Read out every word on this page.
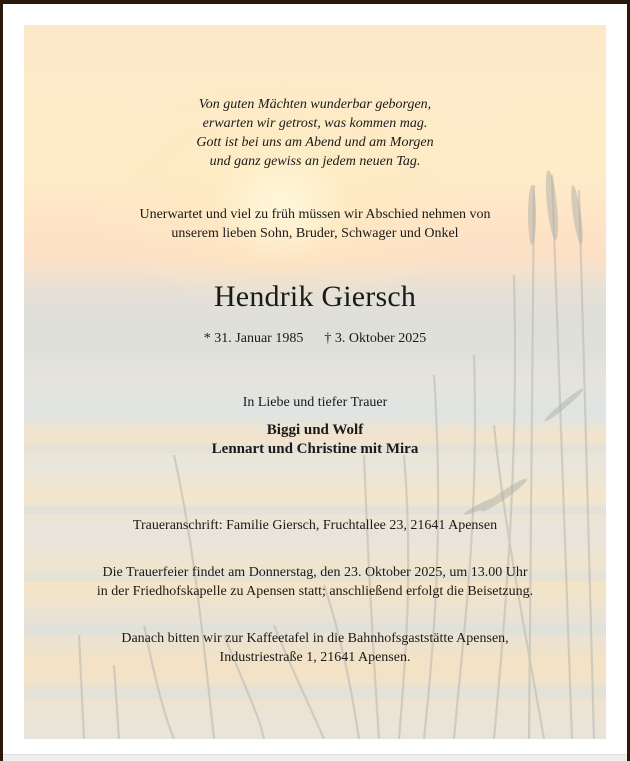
Von guten Mächten wunderbar geborgen,
erwarten wir getrost, was kommen mag.
Gott ist bei uns am Abend und am Morgen
und ganz gewiss an jedem neuen Tag.
Unerwartet und viel zu früh müssen wir Abschied nehmen von
unserem lieben Sohn, Bruder, Schwager und Onkel
Hendrik Giersch
* 31. Januar 1985 † 3. Oktober 2025
In Liebe und tiefer Trauer
Biggi und Wolf
Lennart und Christine mit Mira
Traueranschrift: Familie Giersch, Fruchtallee 23, 21641 Apensen
Die Trauerfeier findet am Donnerstag, den 23. Oktober 2025, um 13.00 Uhr
in der Friedhofskapelle zu Apensen statt; anschließend erfolgt die Beisetzung.
Danach bitten wir zur Kaffeetafel in die Bahnhofsgaststätte Apensen,
Industriestraße 1, 21641 Apensen.
